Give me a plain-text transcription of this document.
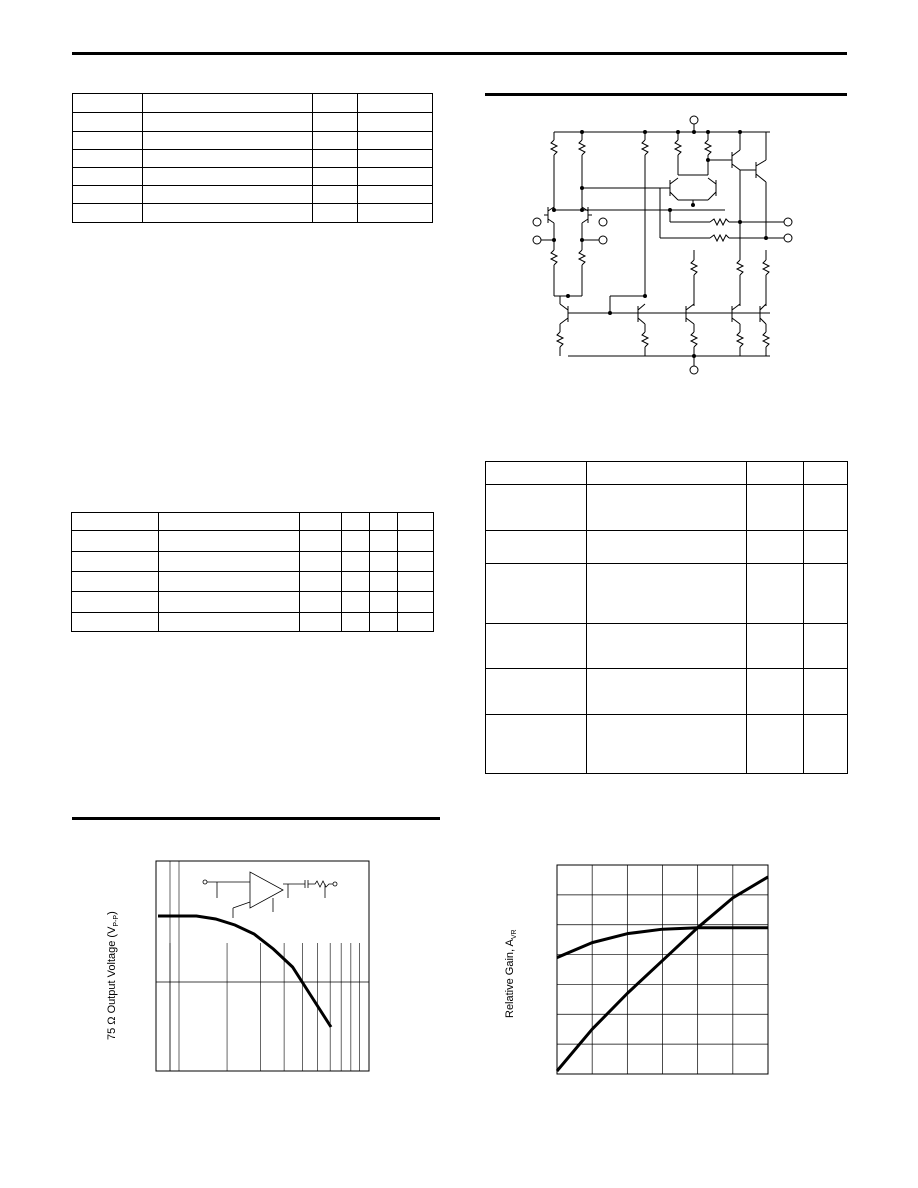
75 Ω Output Voltage $(V_{P-P})$
Relative Gain, $A_{VR}$
